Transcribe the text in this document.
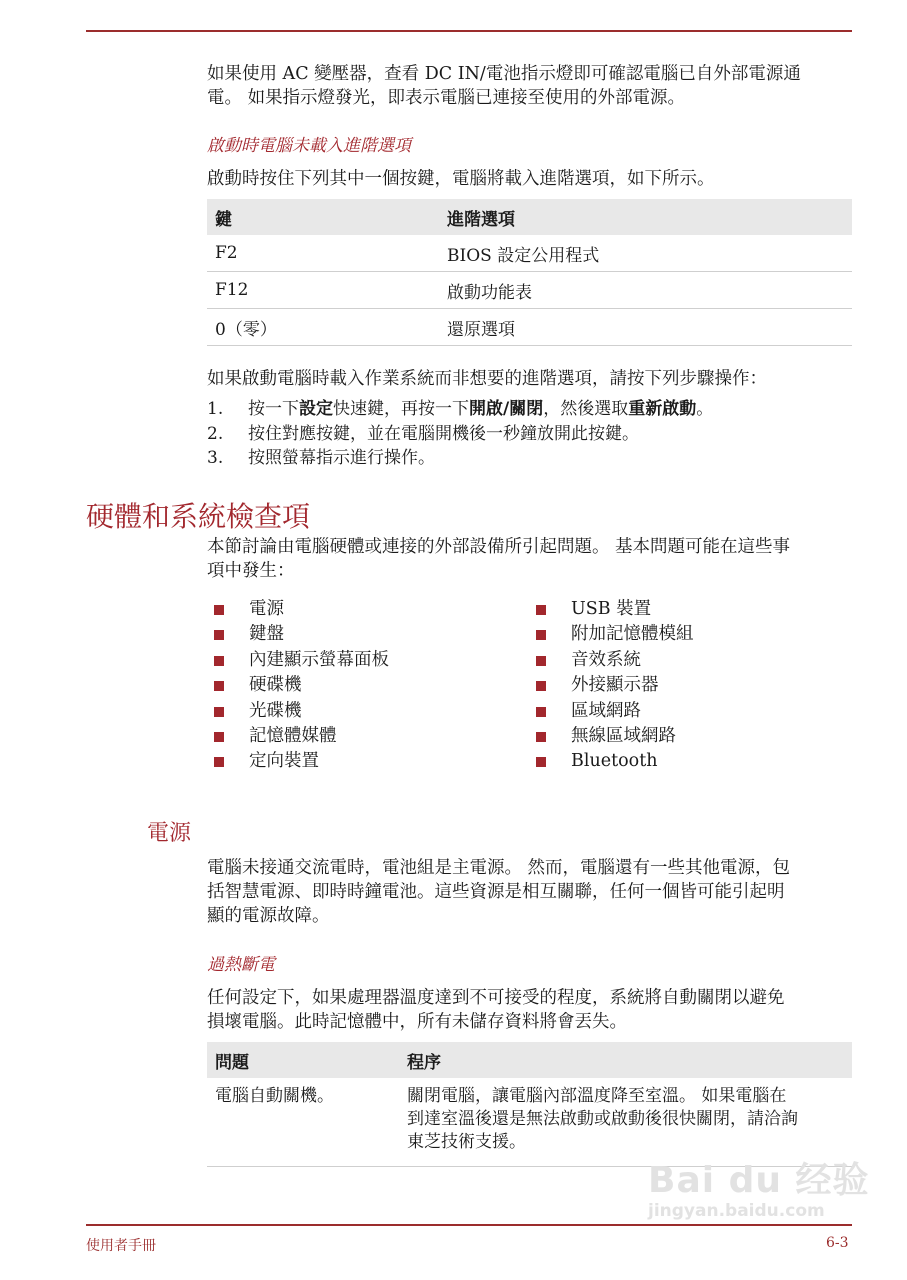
如果使用 AC 變壓器，查看 DC IN/電池指示燈即可確認電腦已自外部電源通

電。 如果指示燈發光，即表示電腦已連接至使用的外部電源。

啟動時電腦未載入進階選項

啟動時按住下列其中一個按鍵，電腦將載入進階選項，如下所示。

鍵	進階選項
F2	BIOS 設定公用程式
F12	啟動功能表
0（零）	還原選項

如果啟動電腦時載入作業系統而非想要的進階選項，請按下列步驟操作：

1. 按一下設定快速鍵，再按一下開啟/關閉，然後選取重新啟動。
2. 按住對應按鍵，並在電腦開機後一秒鐘放開此按鍵。
3. 按照螢幕指示進行操作。
硬體和系統檢查項

本節討論由電腦硬體或連接的外部設備所引起問題。 基本問題可能在這些事

項中發生：

電源
鍵盤
內建顯示螢幕面板
硬碟機
光碟機
記憶體媒體
定向裝置
USB 裝置
附加記憶體模組
音效系統
外接顯示器
區域網路
無線區域網路
Bluetooth
電源

電腦未接通交流電時，電池組是主電源。 然而，電腦還有一些其他電源，包

括智慧電源、即時時鐘電池。這些資源是相互關聯，任何一個皆可能引起明

顯的電源故障。

過熱斷電

任何設定下，如果處理器溫度達到不可接受的程度，系統將自動關閉以避免

損壞電腦。此時記憶體中，所有未儲存資料將會丟失。

問題	程序
電腦自動關機。	關閉電腦，讓電腦內部溫度降至室溫。 如果電腦在
到達室溫後還是無法啟動或啟動後很快關閉，請洽詢
東芝技術支援。
使用者手冊	6-3
Bai du 经验
jingyan.baidu.com
